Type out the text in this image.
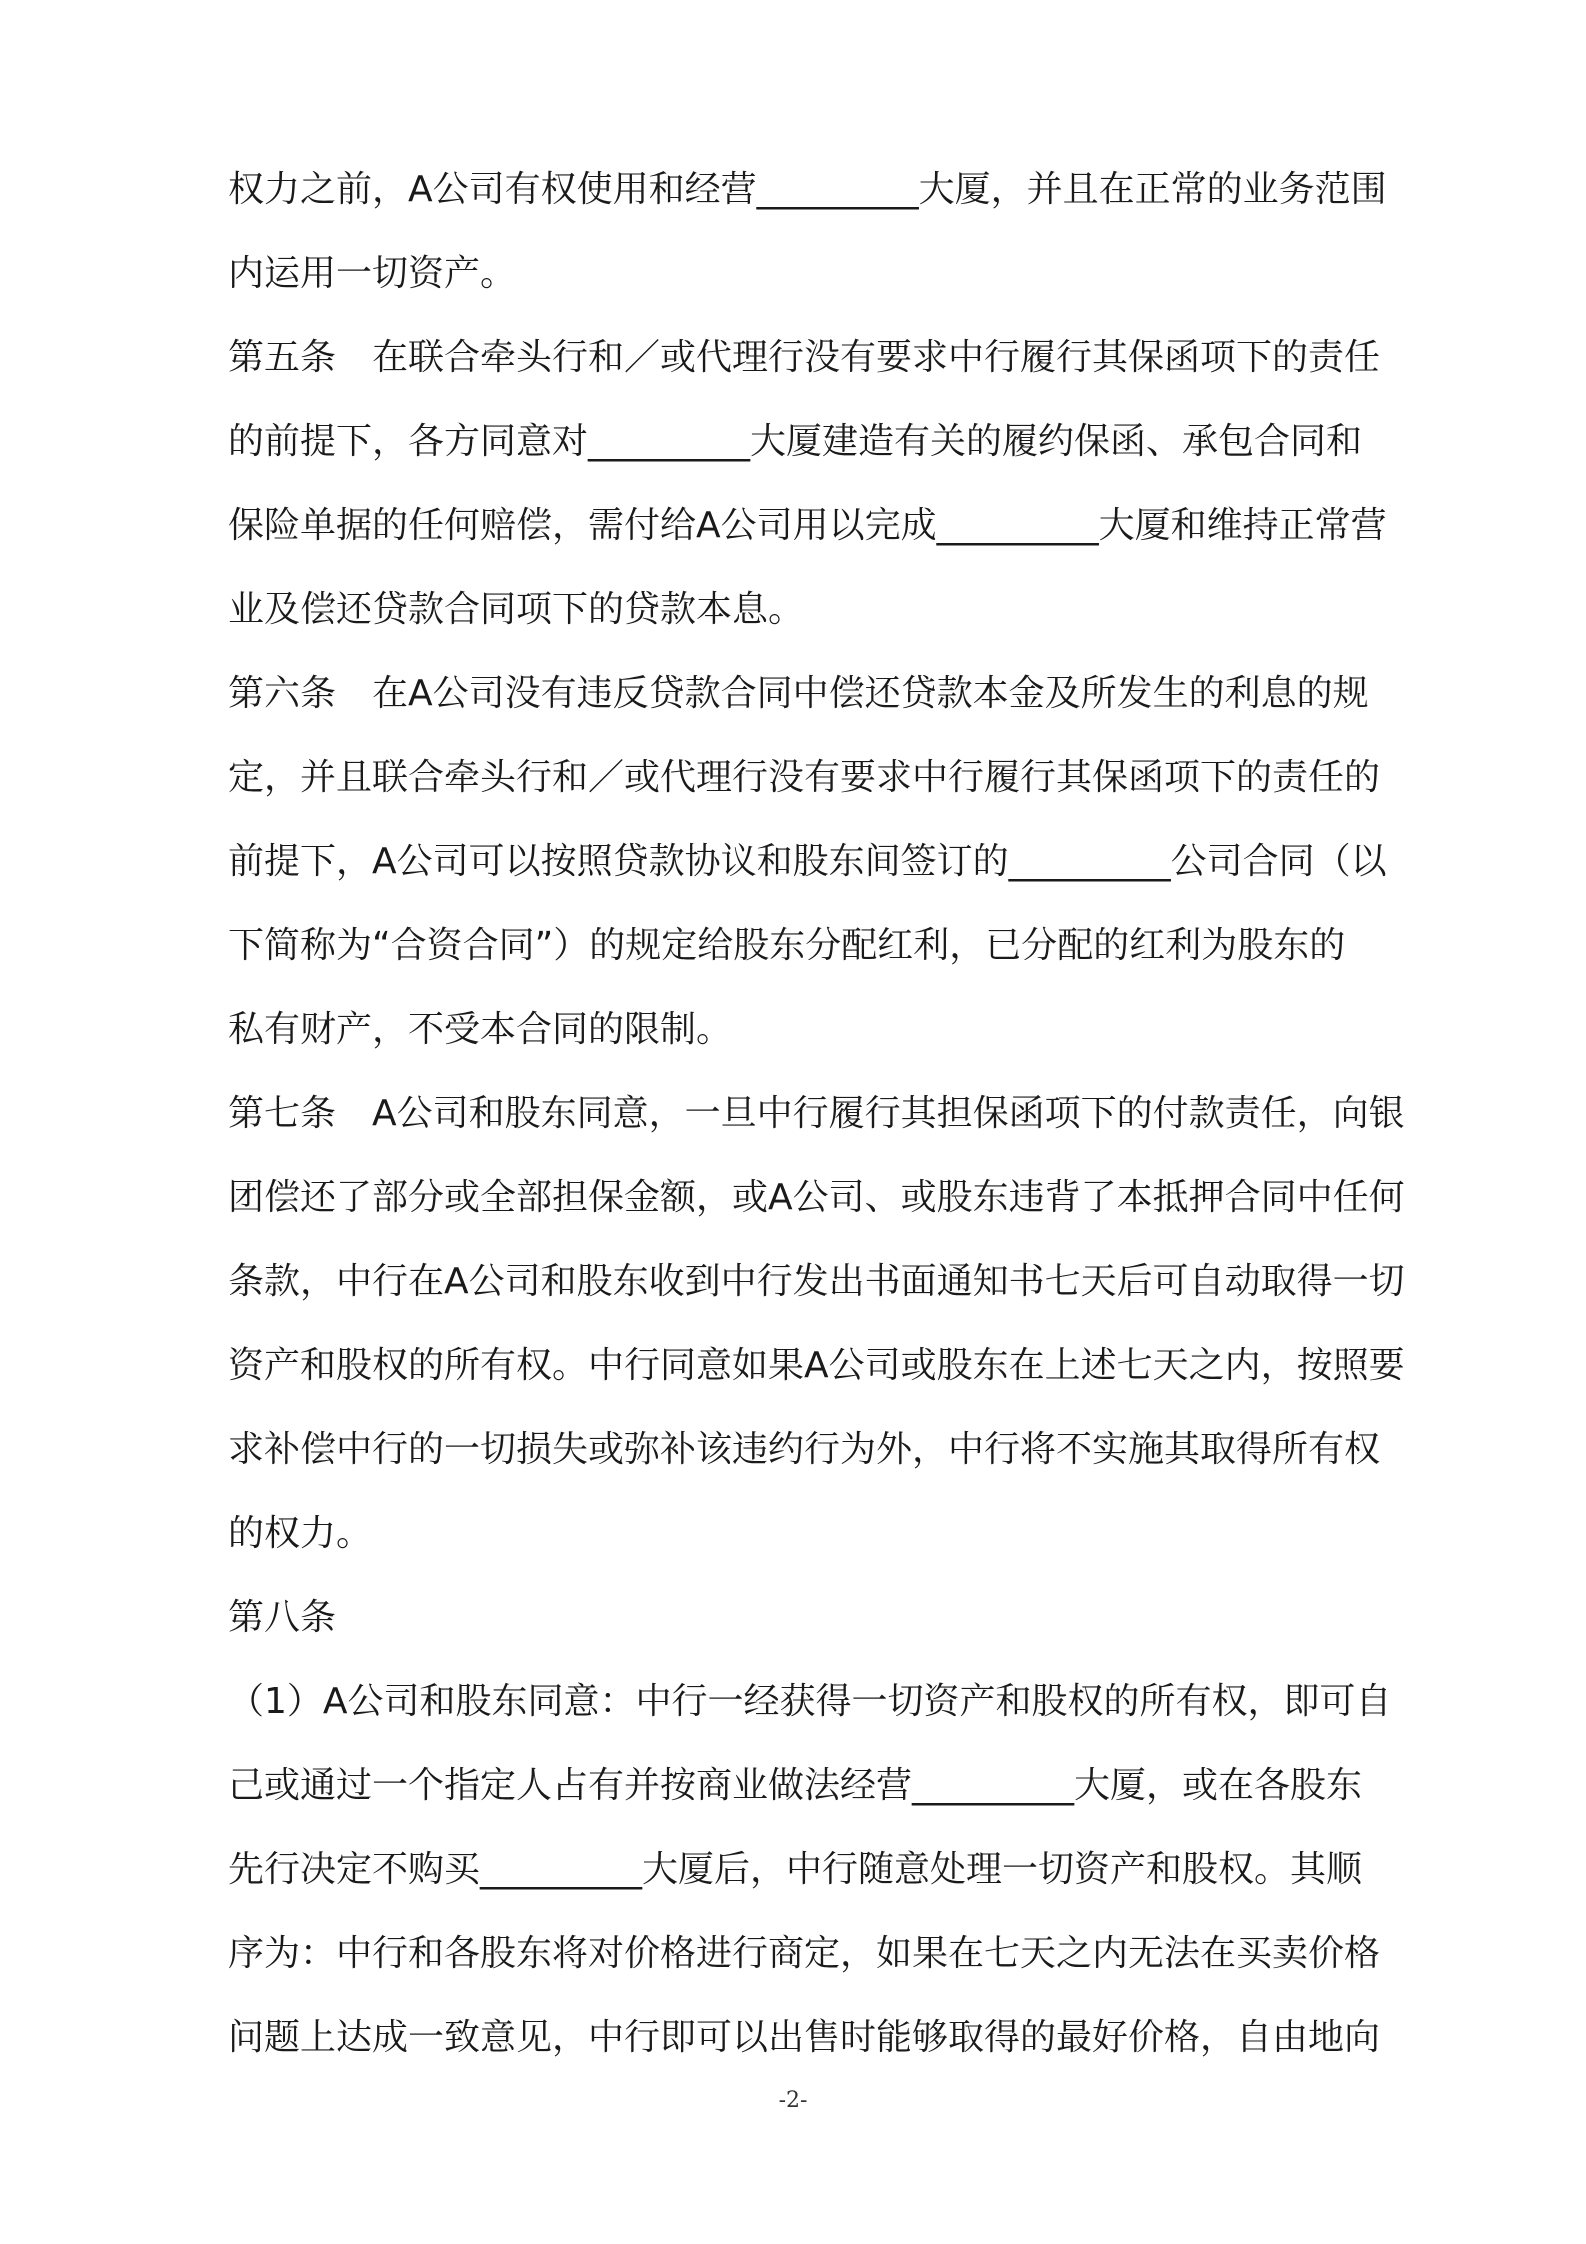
权力之前，A公司有权使用和经营_________大厦，并且在正常的业务范围

内运用一切资产。

第五条　在联合牵头行和／或代理行没有要求中行履行其保函项下的责任

的前提下，各方同意对_________大厦建造有关的履约保函、承包合同和

保险单据的任何赔偿，需付给A公司用以完成_________大厦和维持正常营

业及偿还贷款合同项下的贷款本息。

第六条　在A公司没有违反贷款合同中偿还贷款本金及所发生的利息的规

定，并且联合牵头行和／或代理行没有要求中行履行其保函项下的责任的

前提下，A公司可以按照贷款协议和股东间签订的_________公司合同（以

下简称为“合资合同”）的规定给股东分配红利，已分配的红利为股东的

私有财产，不受本合同的限制。

第七条　A公司和股东同意，一旦中行履行其担保函项下的付款责任，向银

团偿还了部分或全部担保金额，或A公司、或股东违背了本抵押合同中任何

条款，中行在A公司和股东收到中行发出书面通知书七天后可自动取得一切

资产和股权的所有权。中行同意如果A公司或股东在上述七天之内，按照要

求补偿中行的一切损失或弥补该违约行为外，中行将不实施其取得所有权

的权力。

第八条

（1）A公司和股东同意：中行一经获得一切资产和股权的所有权，即可自

己或通过一个指定人占有并按商业做法经营_________大厦，或在各股东

先行决定不购买_________大厦后，中行随意处理一切资产和股权。其顺

序为：中行和各股东将对价格进行商定，如果在七天之内无法在买卖价格

问题上达成一致意见，中行即可以出售时能够取得的最好价格，自由地向

-2-
